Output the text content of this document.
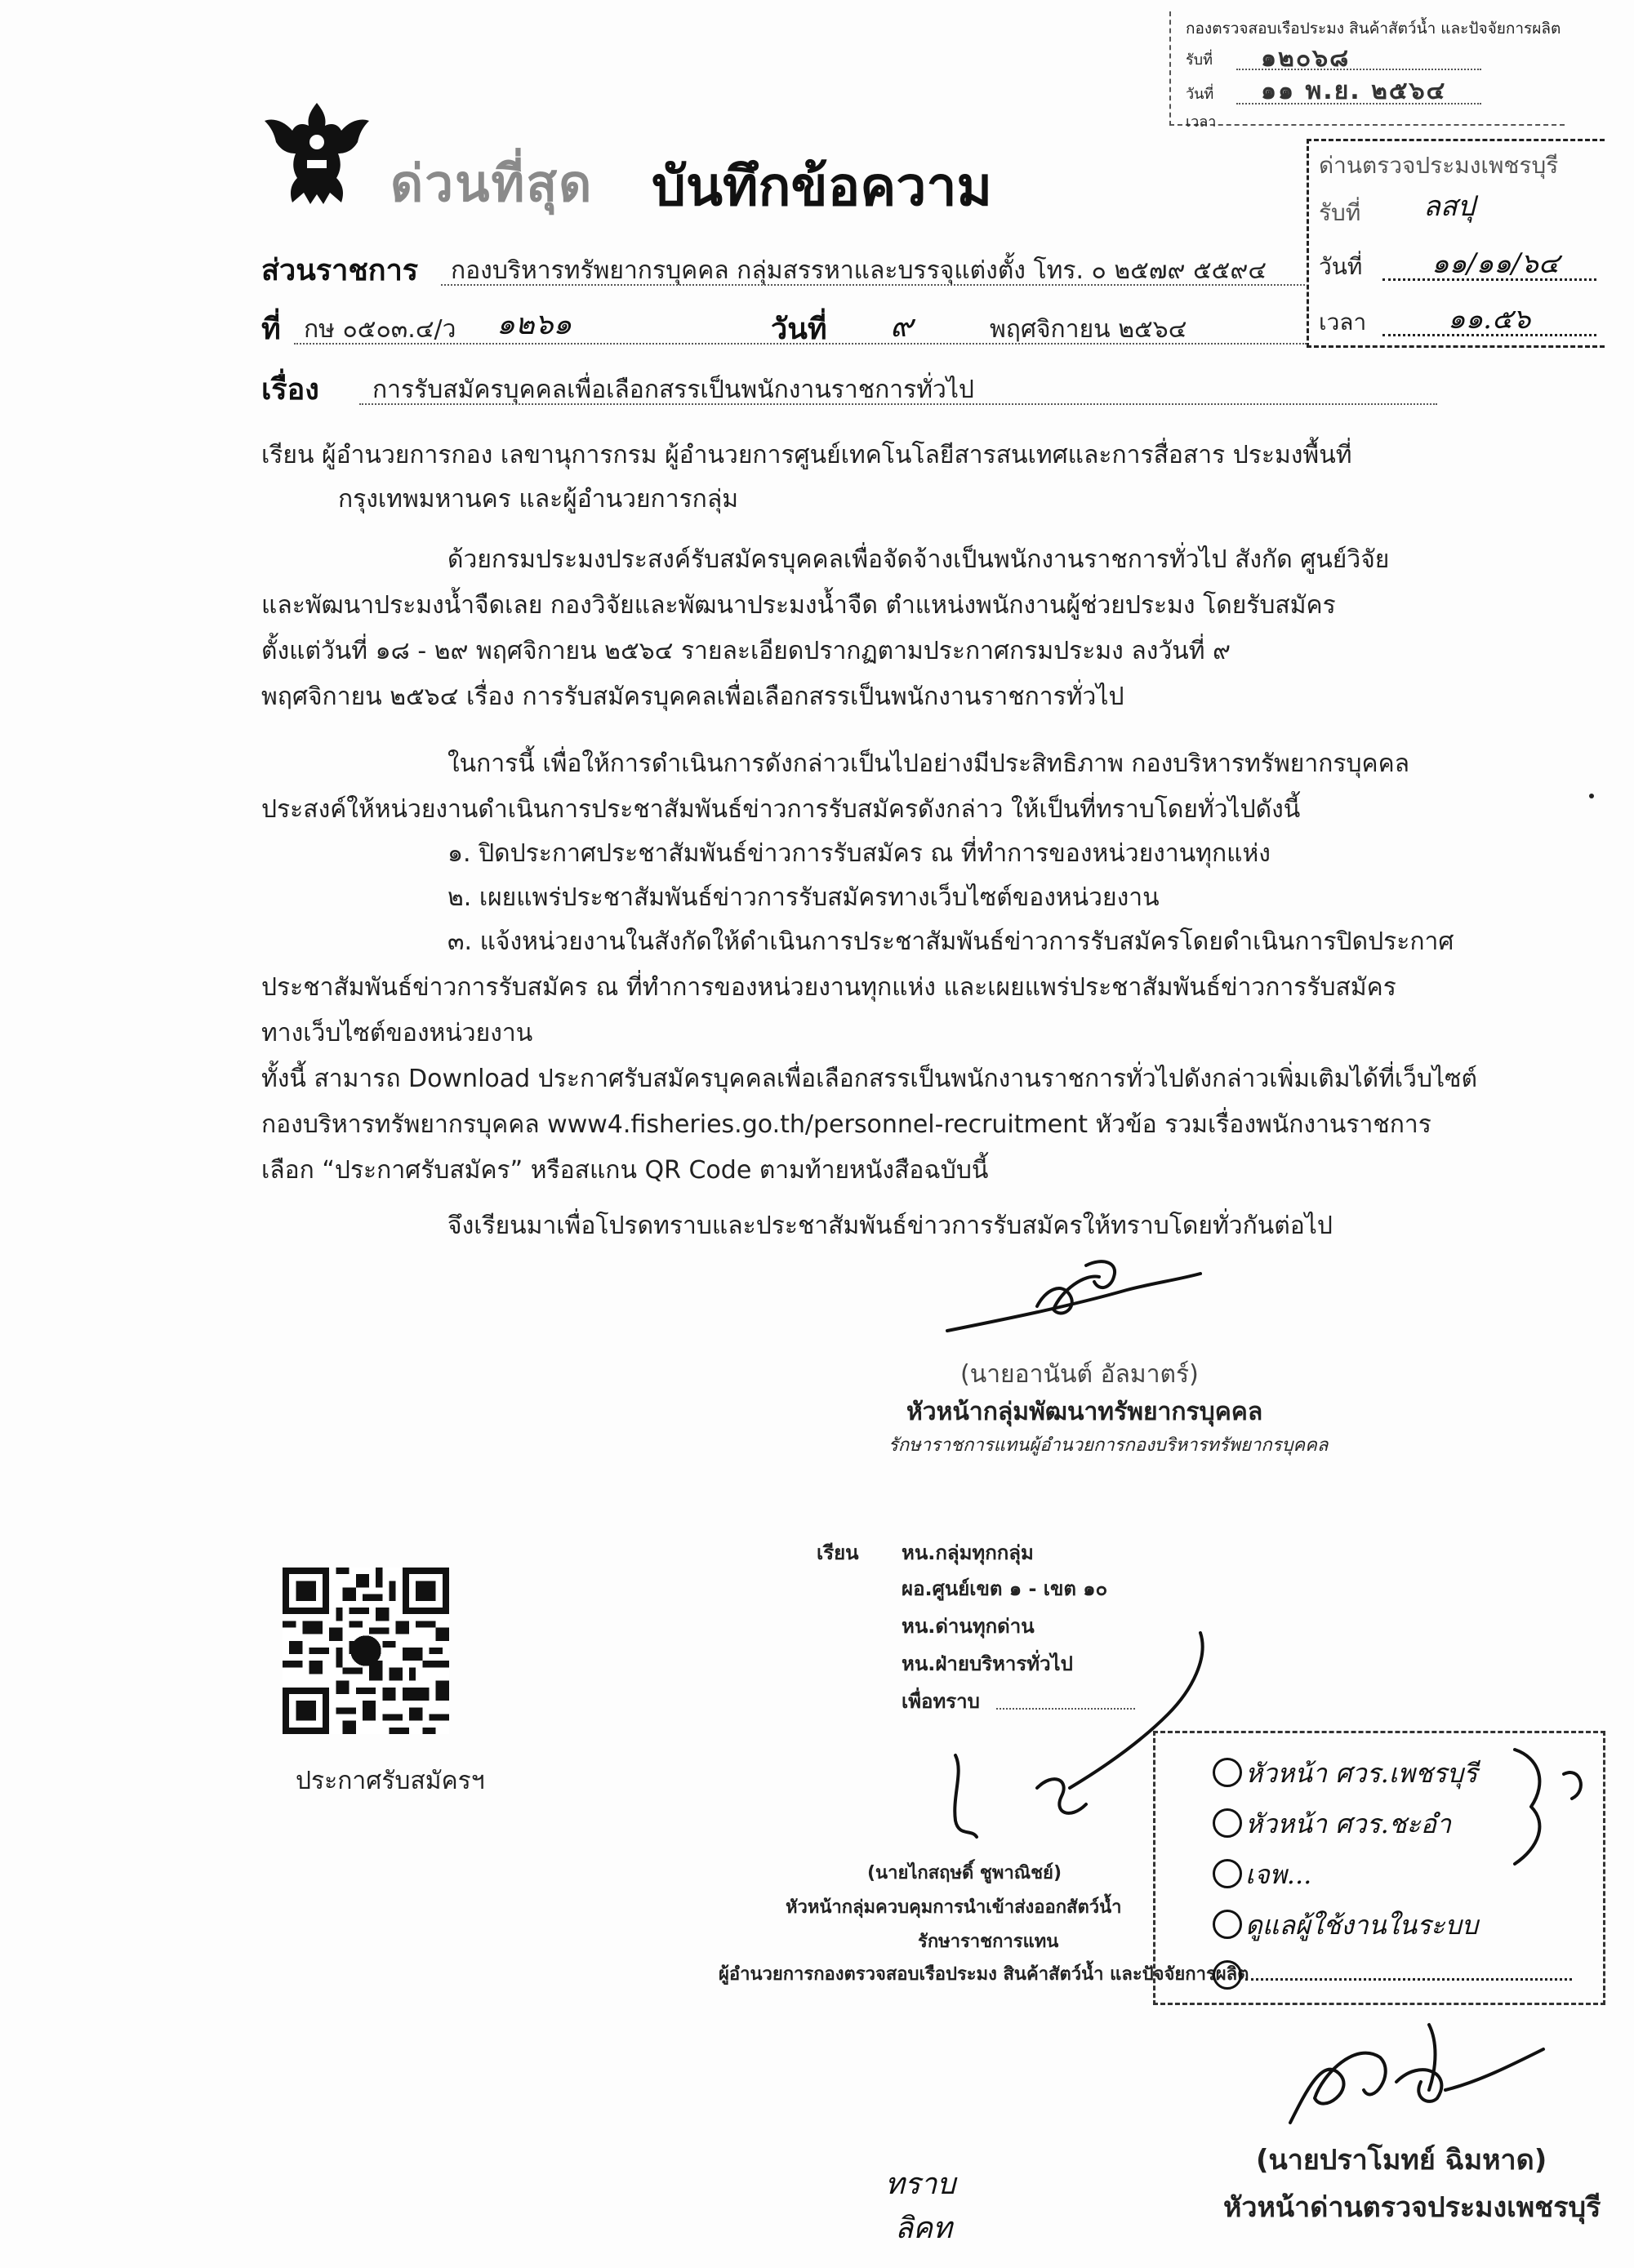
กองตรวจสอบเรือประมง สินค้าสัตว์น้ำ และปัจจัยการผลิต
รับที่ ๑๒๐๖๘
วันที่ ๑๑ พ.ย. ๒๕๖๔
เวลา
ด่านตรวจประมงเพชรบุรี
รับที่ ลสปุ
วันที่ ๑๑/๑๑/๖๔
เวลา	๑๑.๕๖
ด่วนที่สุด บันทึกข้อความ
ส่วนราชการ กองบริหารทรัพยากรบุคคล กลุ่มสรรหาและบรรจุแต่งตั้ง โทร. ๐ ๒๕๗๙ ๕๕๙๔
ที่ กษ ๐๕๐๓.๔/ว ๑๒๖๑	วันที่ ๙	พฤศจิกายน ๒๕๖๔
เรื่อง การรับสมัครบุคคลเพื่อเลือกสรรเป็นพนักงานราชการทั่วไป
เรียน ผู้อำนวยการกอง เลขานุการกรม ผู้อำนวยการศูนย์เทคโนโลยีสารสนเทศและการสื่อสาร ประมงพื้นที่
กรุงเทพมหานคร และผู้อำนวยการกลุ่ม
ด้วยกรมประมงประสงค์รับสมัครบุคคลเพื่อจัดจ้างเป็นพนักงานราชการทั่วไป สังกัด ศูนย์วิจัย
และพัฒนาประมงน้ำจืดเลย กองวิจัยและพัฒนาประมงน้ำจืด ตำแหน่งพนักงานผู้ช่วยประมง โดยรับสมัคร
ตั้งแต่วันที่ ๑๘ - ๒๙ พฤศจิกายน ๒๕๖๔ รายละเอียดปรากฏตามประกาศกรมประมง ลงวันที่ ๙
พฤศจิกายน ๒๕๖๔ เรื่อง การรับสมัครบุคคลเพื่อเลือกสรรเป็นพนักงานราชการทั่วไป
ในการนี้ เพื่อให้การดำเนินการดังกล่าวเป็นไปอย่างมีประสิทธิภาพ กองบริหารทรัพยากรบุคคล
ประสงค์ให้หน่วยงานดำเนินการประชาสัมพันธ์ข่าวการรับสมัครดังกล่าว ให้เป็นที่ทราบโดยทั่วไปดังนี้
๑. ปิดประกาศประชาสัมพันธ์ข่าวการรับสมัคร ณ ที่ทำการของหน่วยงานทุกแห่ง
๒. เผยแพร่ประชาสัมพันธ์ข่าวการรับสมัครทางเว็บไซต์ของหน่วยงาน
๓. แจ้งหน่วยงานในสังกัดให้ดำเนินการประชาสัมพันธ์ข่าวการรับสมัครโดยดำเนินการปิดประกาศ
ประชาสัมพันธ์ข่าวการรับสมัคร ณ ที่ทำการของหน่วยงานทุกแห่ง และเผยแพร่ประชาสัมพันธ์ข่าวการรับสมัคร
ทางเว็บไซต์ของหน่วยงาน
ทั้งนี้ สามารถ Download ประกาศรับสมัครบุคคลเพื่อเลือกสรรเป็นพนักงานราชการทั่วไปดังกล่าวเพิ่มเติมได้ที่เว็บไซต์
กองบริหารทรัพยากรบุคคล www4.fisheries.go.th/personnel-recruitment หัวข้อ รวมเรื่องพนักงานราชการ
เลือก “ประกาศรับสมัคร” หรือสแกน QR Code ตามท้ายหนังสือฉบับนี้
จึงเรียนมาเพื่อโปรดทราบและประชาสัมพันธ์ข่าวการรับสมัครให้ทราบโดยทั่วกันต่อไป
(นายอานันต์ อัลมาตร์)
หัวหน้ากลุ่มพัฒนาทรัพยากรบุคคล
รักษาราชการแทนผู้อำนวยการกองบริหารทรัพยากรบุคคล
เรียน หน.กลุ่มทุกกลุ่ม
ผอ.ศูนย์เขต ๑ - เขต ๑๐
หน.ด่านทุกด่าน
หน.ฝ่ายบริหารทั่วไป
เพื่อทราบ
ประกาศรับสมัครฯ
(นายไกสฤษดิ์ ชูพาณิชย์)
หัวหน้ากลุ่มควบคุมการนำเข้าส่งออกสัตว์น้ำ
รักษาราชการแทน
ผู้อำนวยการกองตรวจสอบเรือประมง สินค้าสัตว์น้ำ และปัจจัยการผลิต
หัวหน้า ศวร.เพชรบุรี
หัวหน้า ศวร.ชะอำ
เจพ...
ดูแลผู้ใช้งานในระบบ
(นายปราโมทย์ ฉิมหาด)
หัวหน้าด่านตรวจประมงเพชรบุรี
ทราบ
ลิคท
